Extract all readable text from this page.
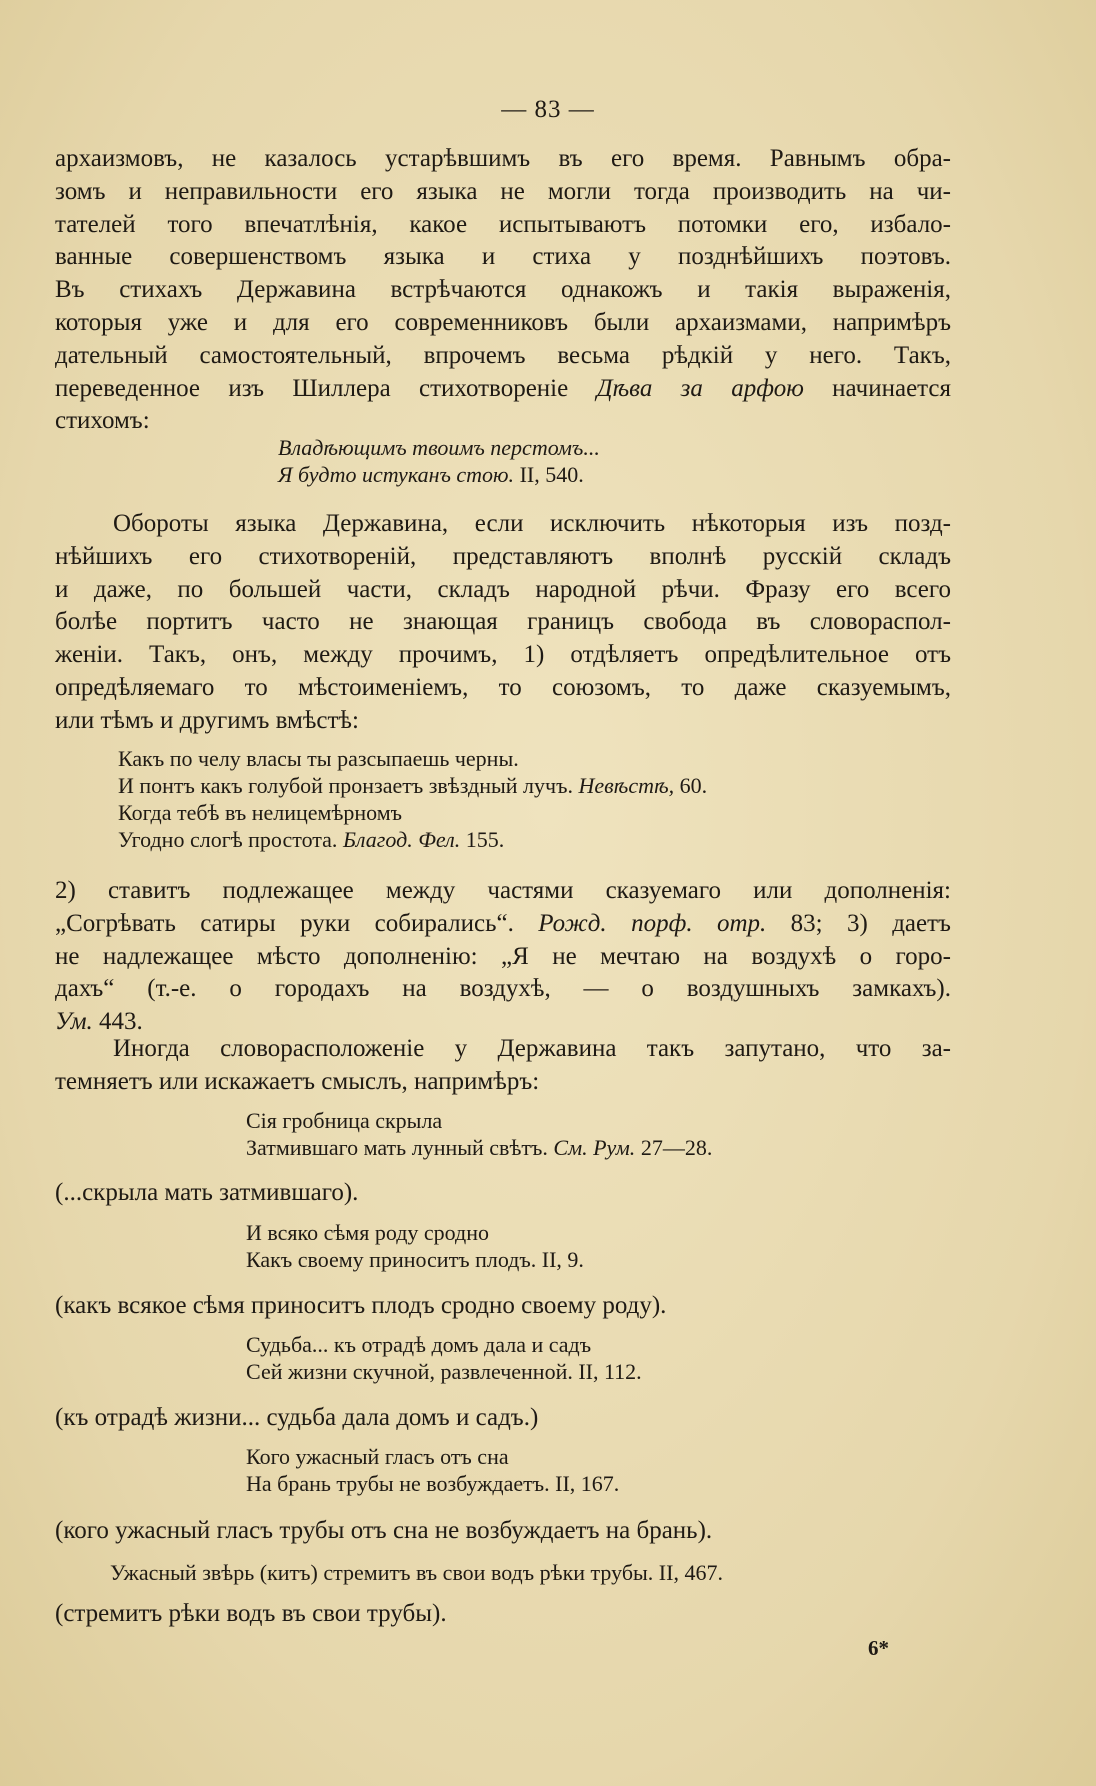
— 83 —
архаизмовъ, не казалось устарѣвшимъ въ его время. Равнымъ обра-
зомъ и неправильности его языка не могли тогда производить на чи-
тателей того впечатлѣнія, какое испытываютъ потомки его, избало-
ванные совершенствомъ языка и стиха у позднѣйшихъ поэтовъ.
Въ стихахъ Державина встрѣчаются однакожъ и такія выраженія,
которыя уже и для его современниковъ были архаизмами, напримѣръ
дательный самостоятельный, впрочемъ весьма рѣдкій у него. Такъ,
переведенное изъ Шиллера стихотвореніе Дѣва за арфою начинается
стихомъ:
Владѣющимъ твоимъ перстомъ...
Я будто истуканъ стою. II, 540.
Обороты языка Державина, если исключить нѣкоторыя изъ позд-
нѣйшихъ его стихотвореній, представляютъ вполнѣ русскій складъ
и даже, по большей части, складъ народной рѣчи. Фразу его всего
болѣе портитъ часто не знающая границъ свобода въ словораспол-
женіи. Такъ, онъ, между прочимъ, 1) отдѣляетъ опредѣлительное отъ
опредѣляемаго то мѣстоименіемъ, то союзомъ, то даже сказуемымъ,
или тѣмъ и другимъ вмѣстѣ:
Какъ по челу власы ты разсыпаешь черны.
И понтъ какъ голубой пронзаетъ звѣздный лучъ. Невѣстѣ, 60.
Когда тебѣ въ нелицемѣрномъ
Угодно слогѣ простота. Благод. Фел. 155.
2) ставитъ подлежащее между частями сказуемаго или дополненія:
„Согрѣвать сатиры руки собирались“. Рожд. порф. отр. 83; 3) даетъ
не надлежащее мѣсто дополненію: „Я не мечтаю на воздухѣ о горо-
дахъ“ (т.-е. о городахъ на воздухѣ, — о воздушныхъ замкахъ).
Ум. 443.
Иногда словорасположеніе у Державина такъ запутано, что за-
темняетъ или искажаетъ смыслъ, напримѣръ:
Сія гробница скрыла
Затмившаго мать лунный свѣтъ. См. Рум. 27—28.
(...скрыла мать затмившаго).
И всяко сѣмя роду сродно
Какъ своему приноситъ плодъ. II, 9.
(какъ всякое сѣмя приноситъ плодъ сродно своему роду).
Судьба... къ отрадѣ домъ дала и садъ
Сей жизни скучной, развлеченной. II, 112.
(къ отрадѣ жизни... судьба дала домъ и садъ.)
Кого ужасный гласъ отъ сна
На брань трубы не возбуждаетъ. II, 167.
(кого ужасный гласъ трубы отъ сна не возбуждаетъ на брань).
Ужасный звѣрь (китъ) стремитъ въ свои водъ рѣки трубы. II, 467.
(стремитъ рѣки водъ въ свои трубы).
6*
